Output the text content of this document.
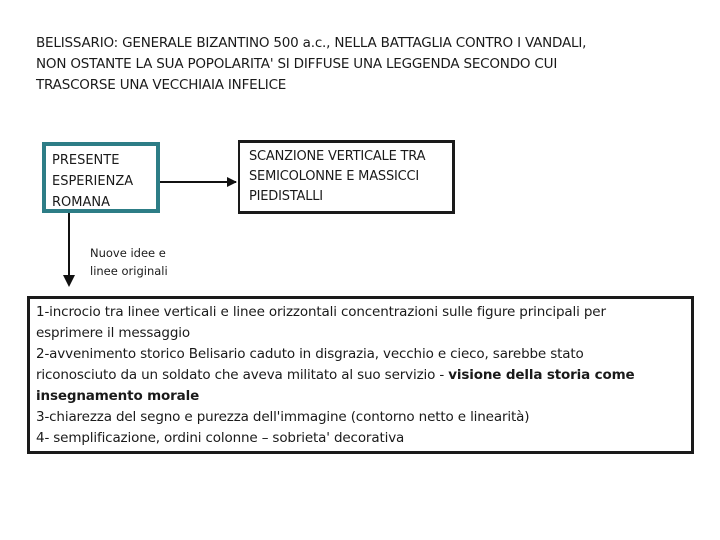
BELISSARIO: GENERALE BIZANTINO 500 a.c., NELLA BATTAGLIA CONTRO I VANDALI,
NON OSTANTE LA SUA POPOLARITA' SI DIFFUSE UNA LEGGENDA SECONDO CUI
TRASCORSE UNA VECCHIAIA INFELICE
PRESENTE
ESPERIENZA
ROMANA
SCANZIONE VERTICALE TRA
SEMICOLONNE E MASSICCI
PIEDISTALLI
Nuove idee e
linee originali
1-incrocio tra linee verticali e linee orizzontali concentrazioni sulle figure principali per
esprimere il messaggio
2-avvenimento storico Belisario caduto in disgrazia, vecchio e cieco, sarebbe stato
riconosciuto da un soldato che aveva militato al suo servizio - visione della storia come
insegnamento morale
3-chiarezza del segno e purezza dell'immagine (contorno netto e linearità)
4- semplificazione, ordini colonne – sobrieta' decorativa
